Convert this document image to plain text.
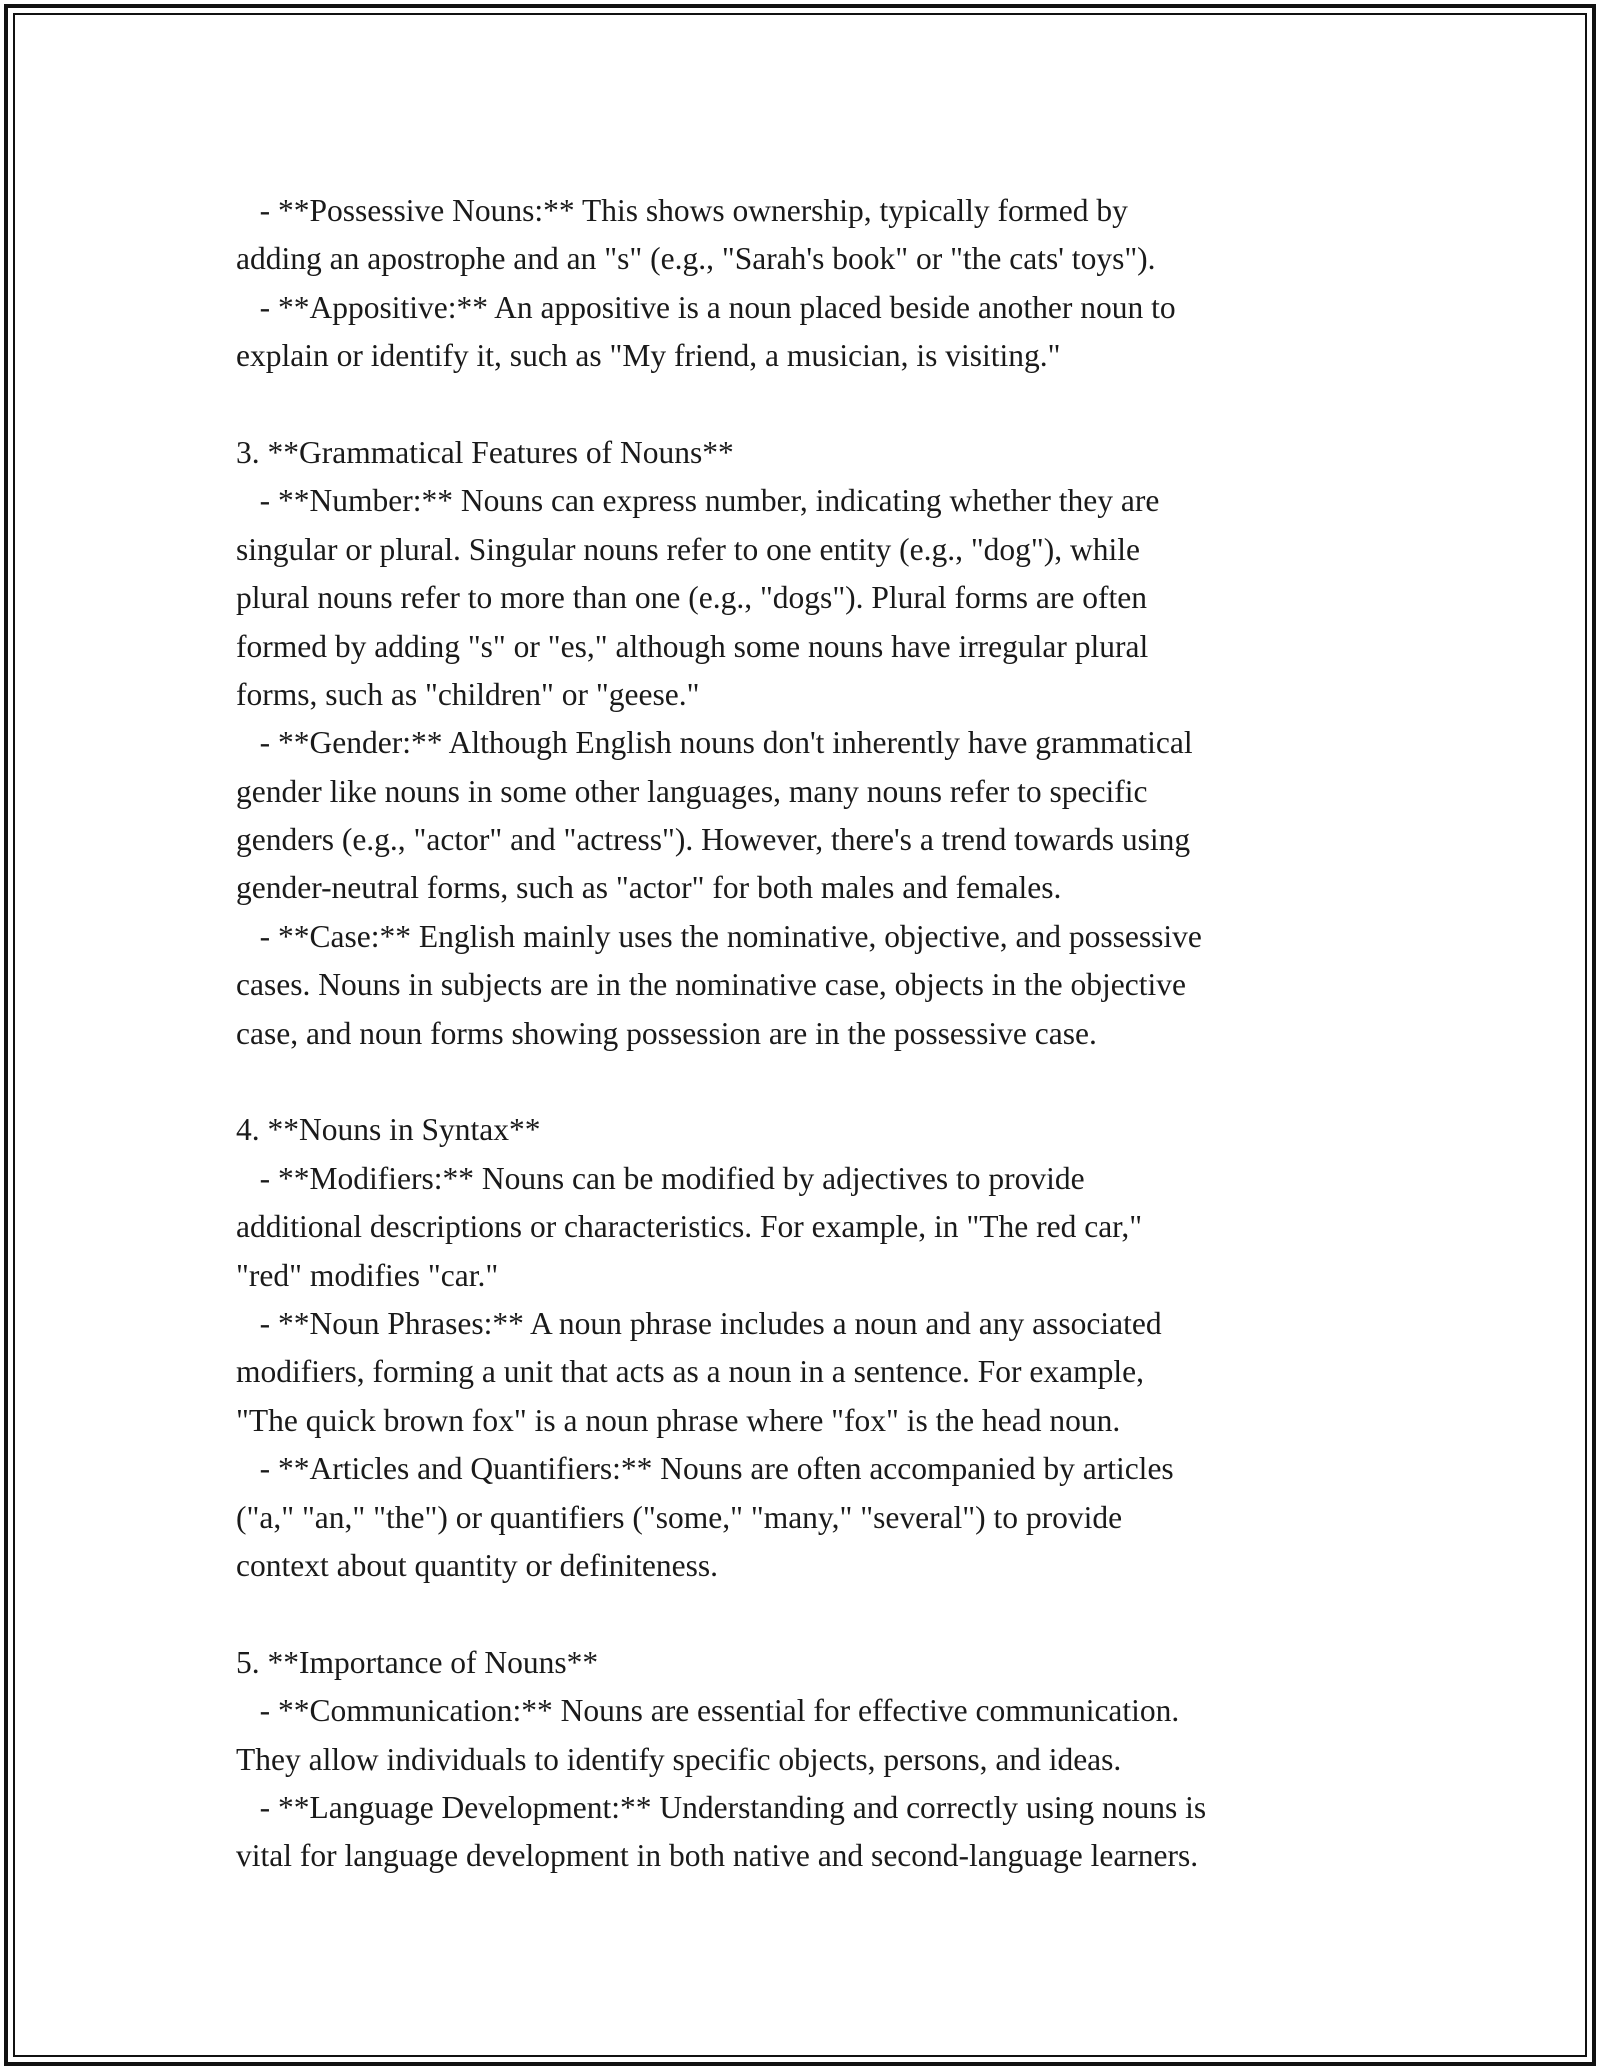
- **Possessive Nouns:** This shows ownership, typically formed by
adding an apostrophe and an "s" (e.g., "Sarah's book" or "the cats' toys").
- **Appositive:** An appositive is a noun placed beside another noun to
explain or identify it, such as "My friend, a musician, is visiting."
3. **Grammatical Features of Nouns**
- **Number:** Nouns can express number, indicating whether they are
singular or plural. Singular nouns refer to one entity (e.g., "dog"), while
plural nouns refer to more than one (e.g., "dogs"). Plural forms are often
formed by adding "s" or "es," although some nouns have irregular plural
forms, such as "children" or "geese."
- **Gender:** Although English nouns don't inherently have grammatical
gender like nouns in some other languages, many nouns refer to specific
genders (e.g., "actor" and "actress"). However, there's a trend towards using
gender-neutral forms, such as "actor" for both males and females.
- **Case:** English mainly uses the nominative, objective, and possessive
cases. Nouns in subjects are in the nominative case, objects in the objective
case, and noun forms showing possession are in the possessive case.
4. **Nouns in Syntax**
- **Modifiers:** Nouns can be modified by adjectives to provide
additional descriptions or characteristics. For example, in "The red car,"
"red" modifies "car."
- **Noun Phrases:** A noun phrase includes a noun and any associated
modifiers, forming a unit that acts as a noun in a sentence. For example,
"The quick brown fox" is a noun phrase where "fox" is the head noun.
- **Articles and Quantifiers:** Nouns are often accompanied by articles
("a," "an," "the") or quantifiers ("some," "many," "several") to provide
context about quantity or definiteness.
5. **Importance of Nouns**
- **Communication:** Nouns are essential for effective communication.
They allow individuals to identify specific objects, persons, and ideas.
- **Language Development:** Understanding and correctly using nouns is
vital for language development in both native and second-language learners.
